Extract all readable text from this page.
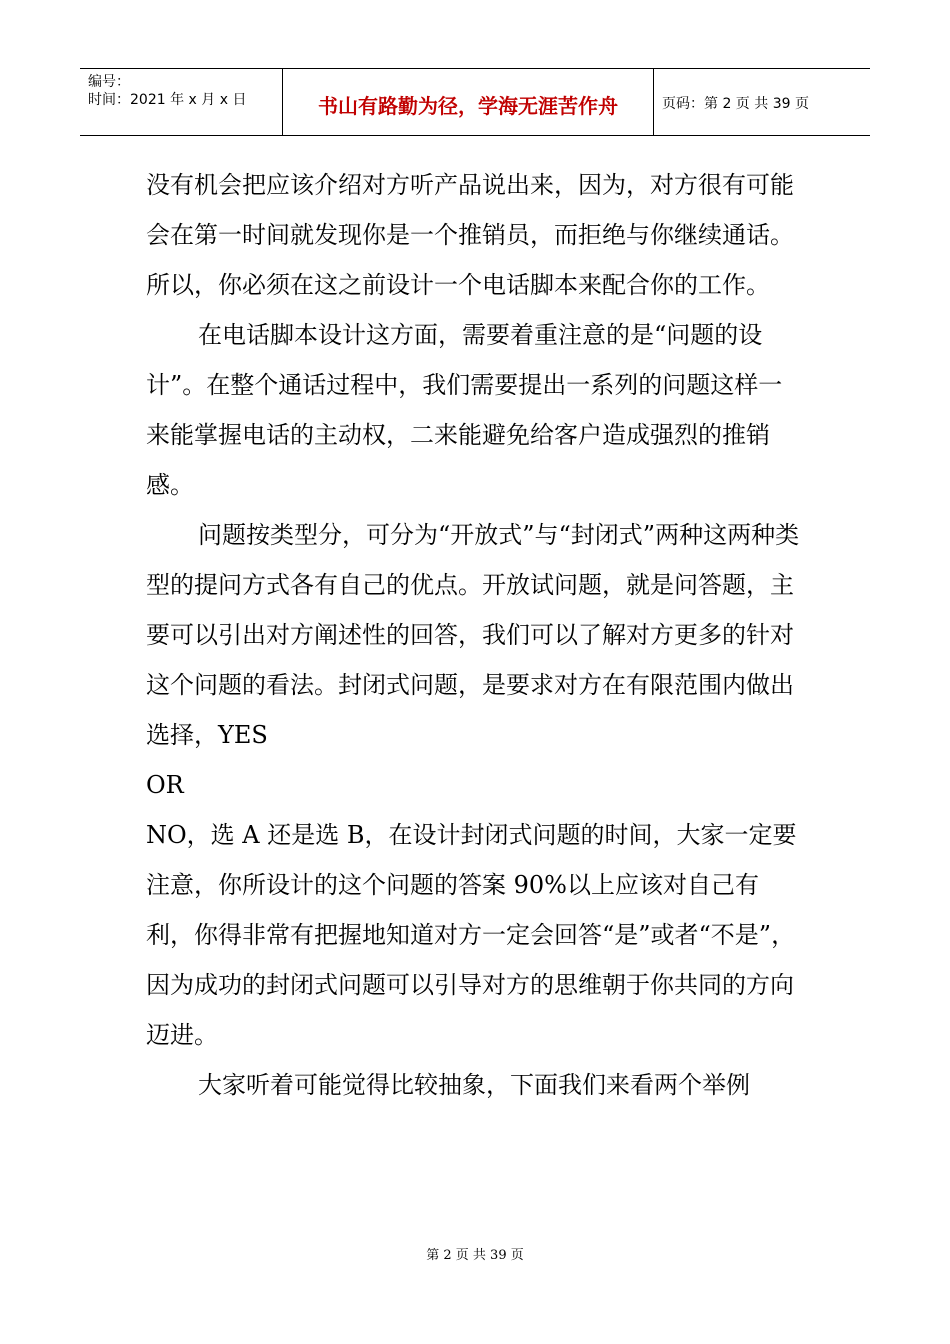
编号：
时间：2021 年 x 月 x 日	书山有路勤为径，学海无涯苦作舟	页码：第 2 页 共 39 页

没有机会把应该介绍对方听产品说出来，因为，对方很有可能会在第一时间就发现你是一个推销员，而拒绝与你继续通话。所以，你必须在这之前设计一个电话脚本来配合你的工作。

在电话脚本设计这方面，需要着重注意的是“问题的设计”。在整个通话过程中，我们需要提出一系列的问题这样一来能掌握电话的主动权，二来能避免给客户造成强烈的推销感。

问题按类型分，可分为“开放式”与“封闭式”两种这两种类型的提问方式各有自己的优点。开放试问题，就是问答题，主要可以引出对方阐述性的回答，我们可以了解对方更多的针对这个问题的看法。封闭式问题，是要求对方在有限范围内做出选择，YES

OR

NO，选 A 还是选 B，在设计封闭式问题的时间，大家一定要注意，你所设计的这个问题的答案 90%以上应该对自己有利，你得非常有把握地知道对方一定会回答“是”或者“不是”，因为成功的封闭式问题可以引导对方的思维朝于你共同的方向迈进。

大家听着可能觉得比较抽象，下面我们来看两个举例

第 2 页 共 39 页
